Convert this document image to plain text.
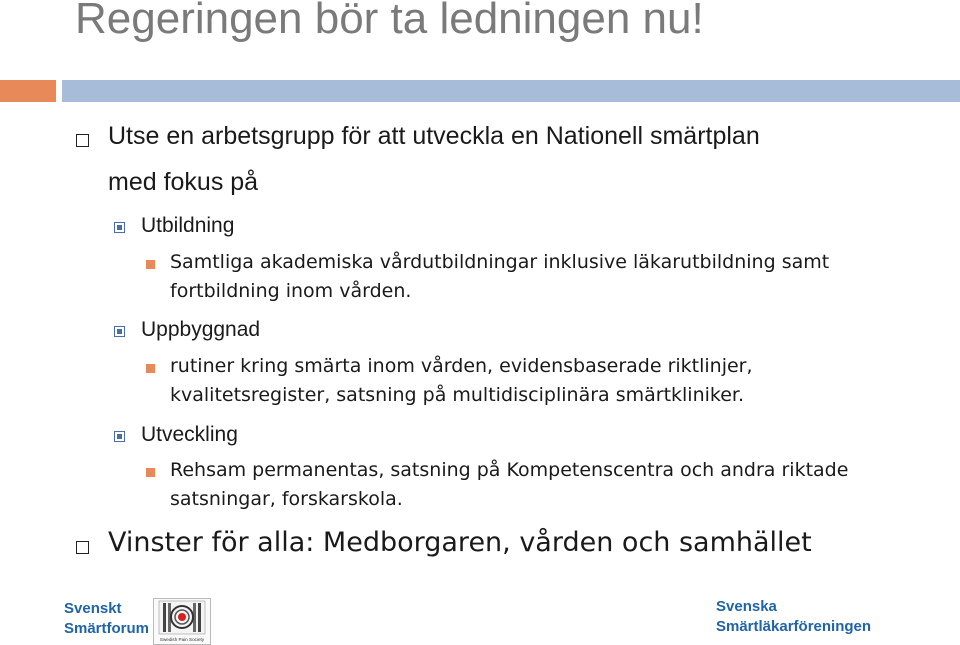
Regeringen bör ta ledningen nu!
Utse en arbetsgrupp för att utveckla en Nationell smärtplan
med fokus på
Utbildning
Samtliga akademiska vårdutbildningar inklusive läkarutbildning samt
fortbildning inom vården.
Uppbyggnad
rutiner kring smärta inom vården, evidensbaserade riktlinjer,
kvalitetsregister, satsning på multidisciplinära smärtkliniker.
Utveckling
Rehsam permanentas, satsning på Kompetenscentra och andra riktade
satsningar, forskarskola.
Vinster för alla: Medborgaren, vården och samhället
Svenskt
Smärtforum
Swedish Pain Society
Svenska
Smärtläkarföreningen
